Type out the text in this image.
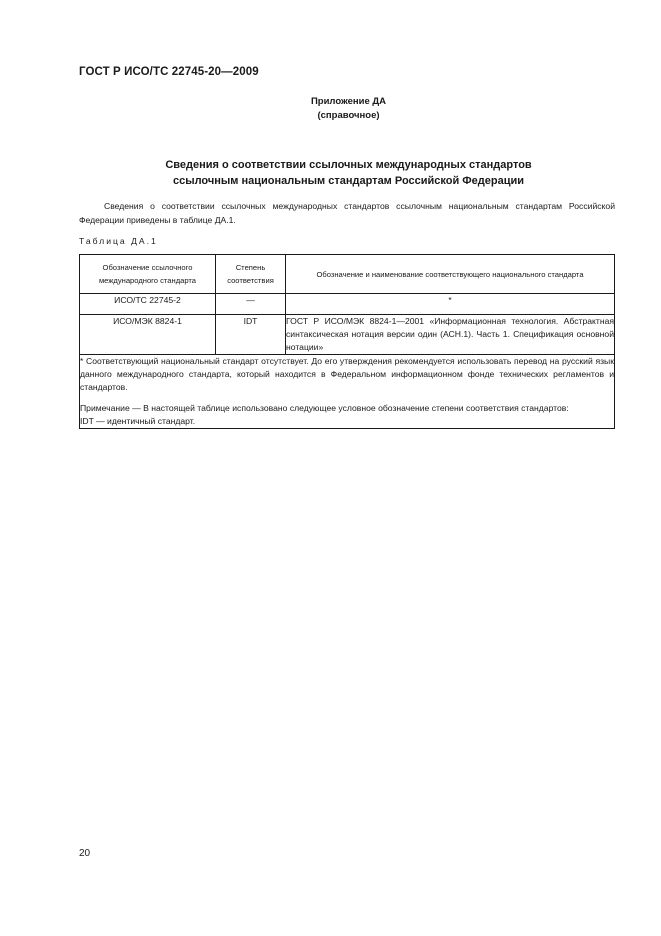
ГОСТ Р ИСО/ТС 22745-20—2009
Приложение ДА
(справочное)
Сведения о соответствии ссылочных международных стандартов
ссылочным национальным стандартам Российской Федерации

Сведения о соответствии ссылочных международных стандартов ссылочным национальным стандартам Российской Федерации приведены в таблице ДА.1.

Таблица ДА.1
Обозначение ссылочного международного стандарта	Степень соответствия	Обозначение и наименование соответствующего национального стандарта
ИСО/ТС 22745-2	—	*
ИСО/МЭК 8824-1	IDT	ГОСТ Р ИСО/МЭК 8824-1—2001 «Информационная технология. Абстрактная синтаксическая нотация версии один (АСН.1). Часть 1. Спецификация основной нотации»

* Соответствующий национальный стандарт отсутствует. До его утверждения рекомендуется использовать перевод на русский язык данного международного стандарта, который находится в Федеральном информационном фонде технических регламентов и стандартов.
Примечание — В настоящей таблице использовано следующее условное обозначение степени соответствия стандартов:
IDT — идентичный стандарт.		
20
